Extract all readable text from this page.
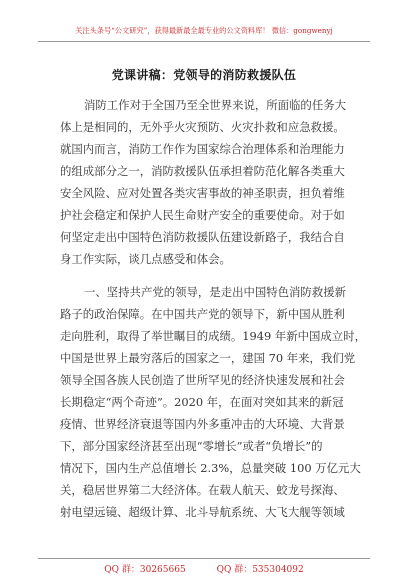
关注头条号“公文研究”，获得最新最全最专业的公文资料库！ 微信：gongwenyj
党课讲稿：党领导的消防救援队伍
消防工作对于全国乃至全世界来说，所面临的任务大
体上是相同的，无外乎火灾预防、火灾扑救和应急救援。
就国内而言，消防工作作为国家综合治理体系和治理能力
的组成部分之一，消防救援队伍承担着防范化解各类重大
安全风险、应对处置各类灾害事故的神圣职责，担负着维
护社会稳定和保护人民生命财产安全的重要使命。对于如
何坚定走出中国特色消防救援队伍建设新路子，我结合自
身工作实际，谈几点感受和体会。
一、坚持共产党的领导，是走出中国特色消防救援新
路子的政治保障。在中国共产党的领导下，新中国从胜利
走向胜利，取得了举世瞩目的成绩。1949 年新中国成立时，
中国是世界上最穷落后的国家之一，建国 70 年来，我们党
领导全国各族人民创造了世所罕见的经济快速发展和社会
长期稳定“两个奇迹”。2020 年，在面对突如其来的新冠
疫情、世界经济衰退等国内外多重冲击的大环境、大背景
下，部分国家经济甚至出现“零增长”或者“负增长”的
情况下，国内生产总值增长 2.3%，总量突破 100 万亿元大
关，稳居世界第二大经济体。在载人航天、蛟龙号探海、
射电望远镜、超级计算、北斗导航系统、大飞大舰等领域
QQ 群：30265665	QQ 群：535304092
